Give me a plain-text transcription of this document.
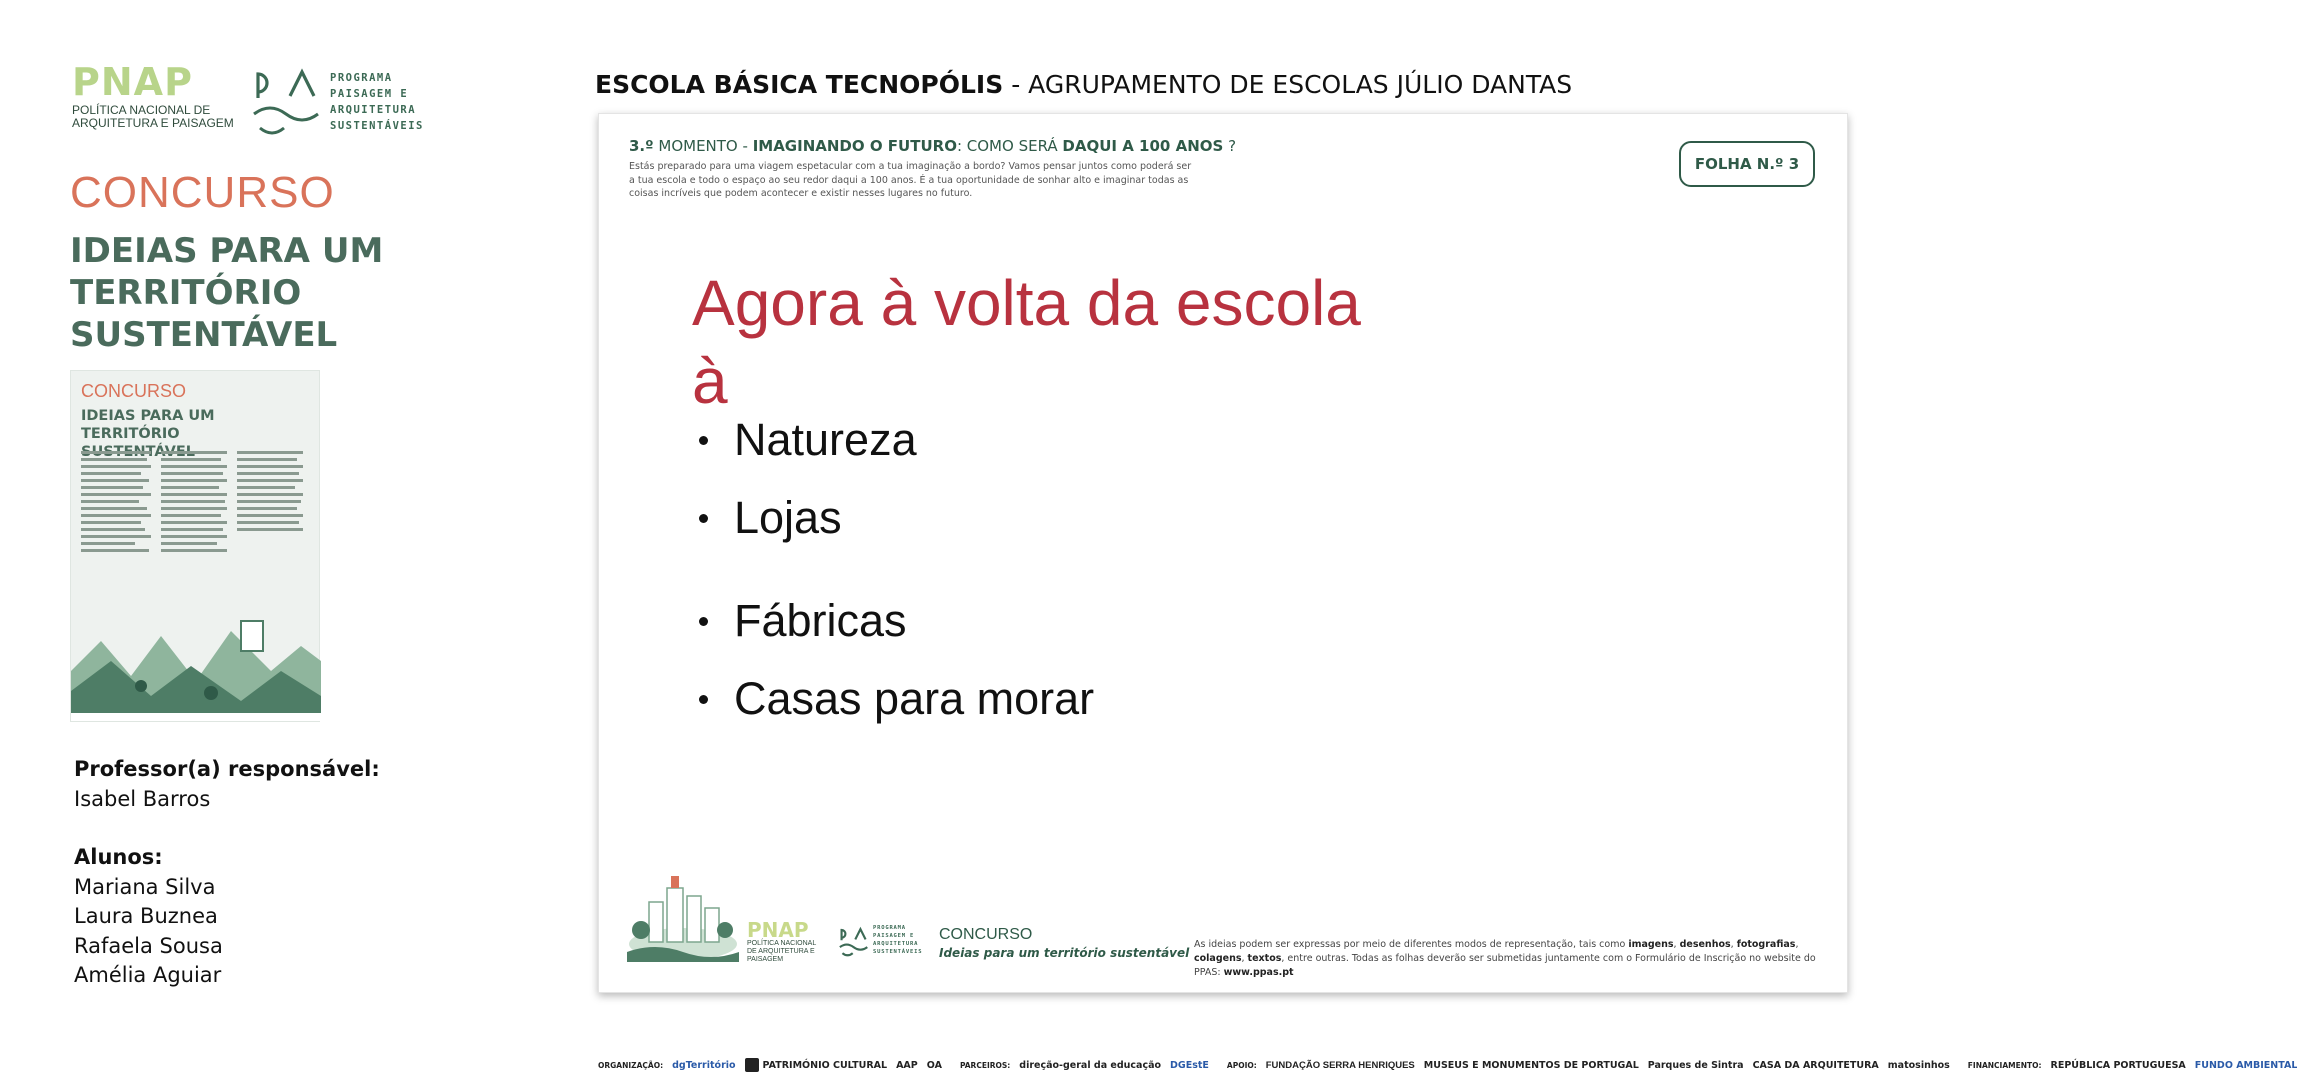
PNAP
POLÍTICA NACIONAL DE ARQUITETURA E PAISAGEM
PROGRAMA
PAISAGEM E
ARQUITETURA
SUSTENTÁVEIS
CONCURSO
IDEIAS PARA UM TERRITÓRIO SUSTENTÁVEL
CONCURSO
IDEIAS PARA UM TERRITÓRIO
Professor(a) responsável:
Isabel Barros
Alunos:
Mariana Silva
Laura Buznea
Rafaela Sousa
Amélia Aguiar
ESCOLA BÁSICA TECNOPÓLIS - AGRUPAMENTO DE ESCOLAS JÚLIO DANTAS
3.º MOMENTO - IMAGINANDO O FUTURO: COMO SERÁ DAQUI A 100 ANOS ?
Estás preparado para uma viagem espetacular com a tua imaginação a bordo? Vamos pensar juntos como poderá ser a tua escola e todo o espaço ao seu redor daqui a 100 anos. É a tua oportunidade de sonhar alto e imaginar todas as coisas incríveis que podem acontecer e existir nesses lugares no futuro.
FOLHA N.º 3
Agora à volta da escola
à
Natureza
Lojas
Fábricas
Casas para morar
PNAP
POLÍTICA NACIONAL DE ARQUITETURA E PAISAGEM
PROGRAMA
PAISAGEM E
ARQUITETURA
SUSTENTÁVEIS
CONCURSO
Ideias para um território sustentável
As ideias podem ser expressas por meio de diferentes modos de representação, tais como imagens, desenhos, fotografias, colagens, textos, entre outras. Todas as folhas deverão ser submetidas juntamente com o Formulário de Inscrição no website do PPAS: www.ppas.pt
ORGANIZAÇÃO: dgTerritório	PATRIMÓNIO CULTURAL AAP OA PARCEIROS: direção-geral da educação DGEstE APOIO: FUNDAÇÃO SERRA HENRIQUES MUSEUS E MONUMENTOS DE PORTUGAL Parques de Sintra CASA DA ARQUITETURA matosinhos FINANCIAMENTO: REPÚBLICA PORTUGUESA FUNDO AMBIENTAL
